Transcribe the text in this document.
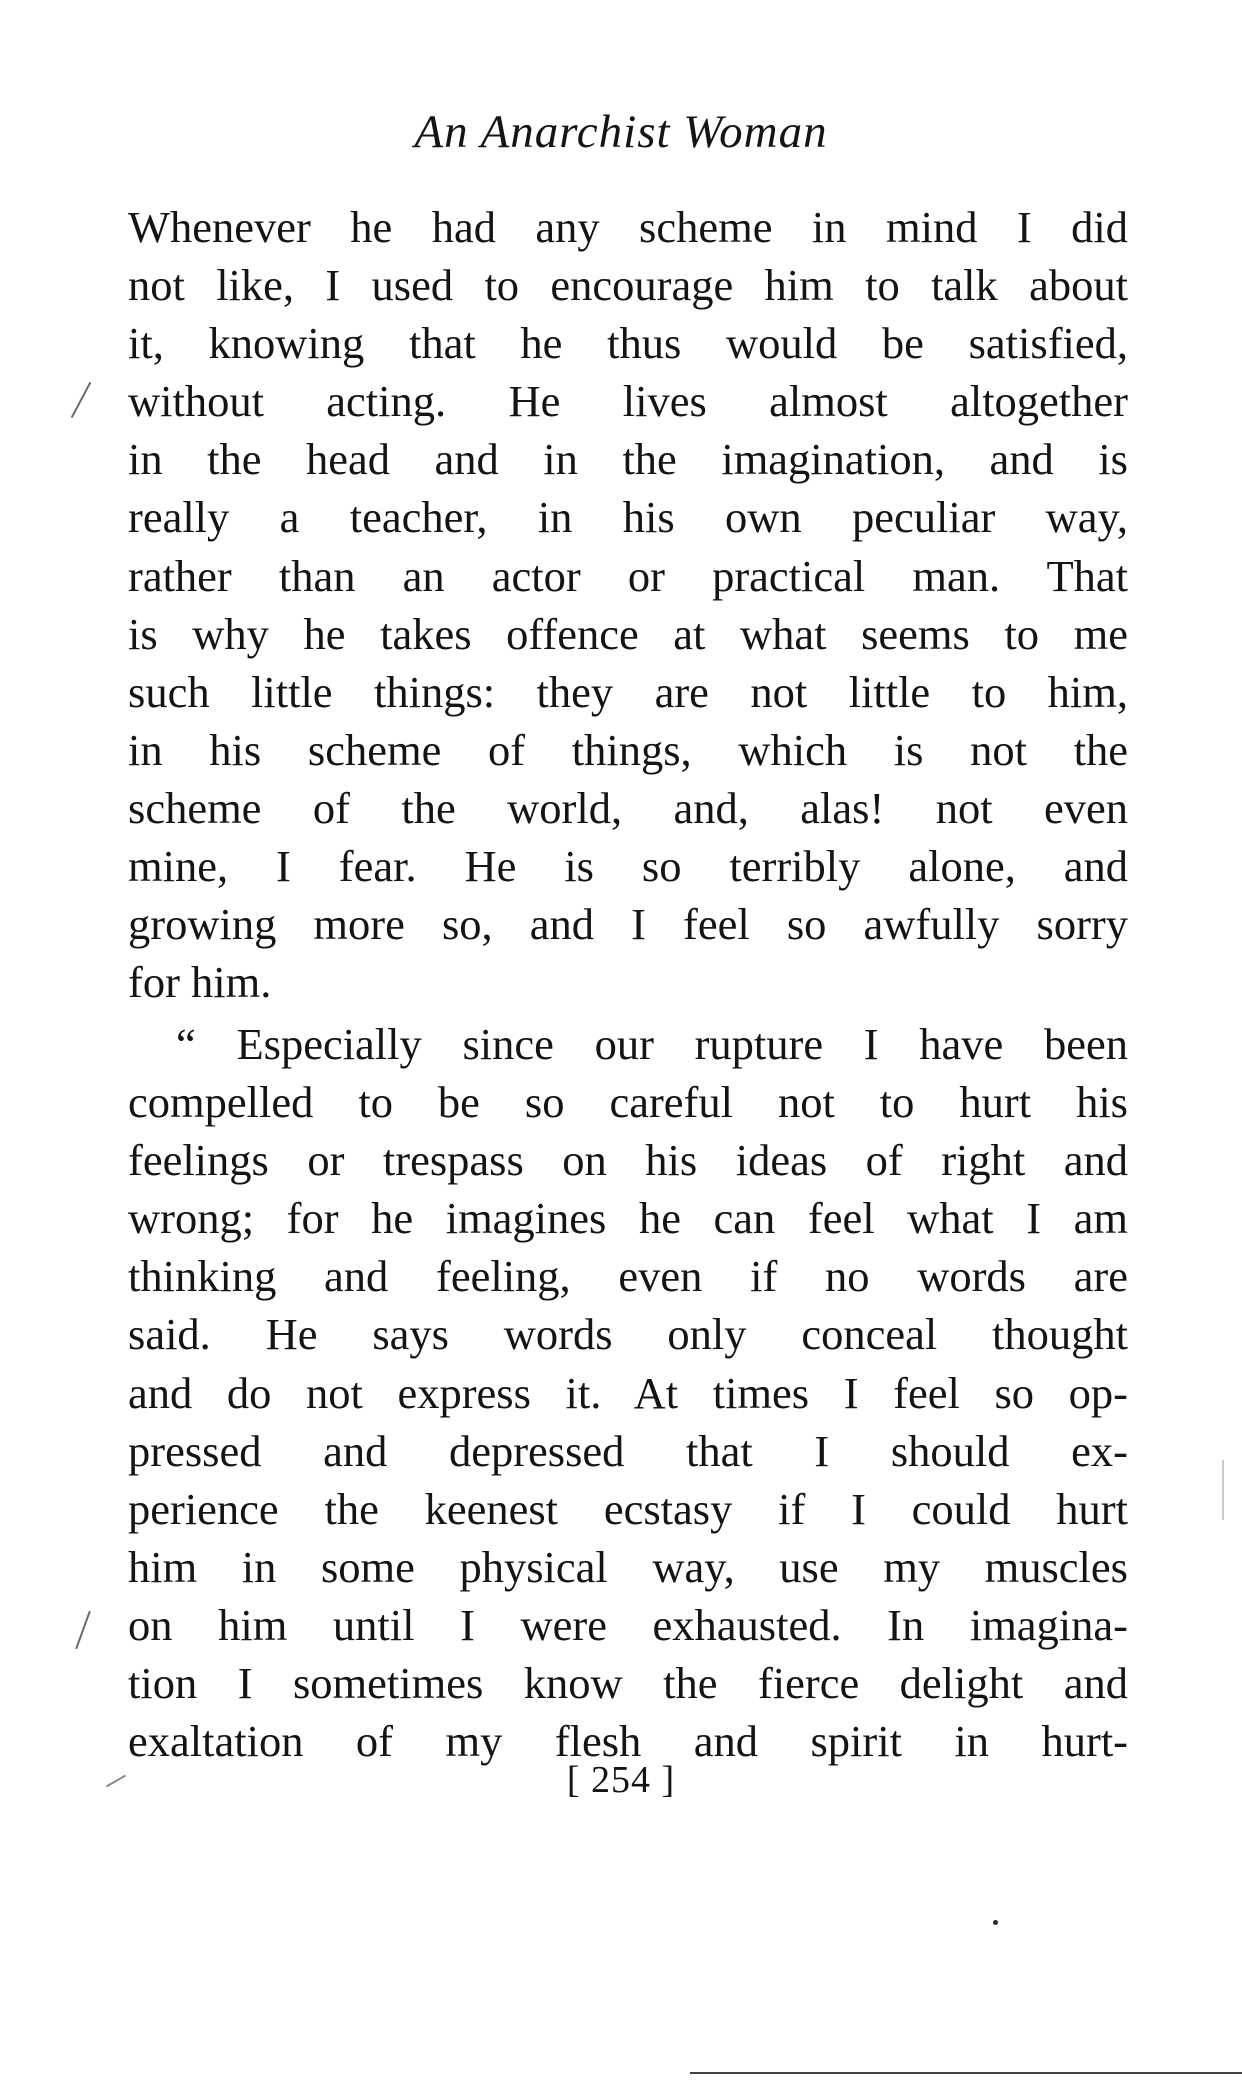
An Anarchist Woman
Whenever he had any scheme in mind I did
not like, I used to encourage him to talk about
it, knowing that he thus would be satisfied,
without acting. He lives almost altogether
in the head and in the imagination, and is
really a teacher, in his own peculiar way,
rather than an actor or practical man. That
is why he takes offence at what seems to me
such little things: they are not little to him,
in his scheme of things, which is not the
scheme of the world, and, alas! not even
mine, I fear. He is so terribly alone, and
growing more so, and I feel so awfully sorry
for him.
“ Especially since our rupture I have been
compelled to be so careful not to hurt his
feelings or trespass on his ideas of right and
wrong; for he imagines he can feel what I am
thinking and feeling, even if no words are
said. He says words only conceal thought
and do not express it. At times I feel so op-
pressed and depressed that I should ex-
perience the keenest ecstasy if I could hurt
him in some physical way, use my muscles
on him until I were exhausted. In imagina-
tion I sometimes know the fierce delight and
exaltation of my flesh and spirit in hurt-
[ 254 ]
